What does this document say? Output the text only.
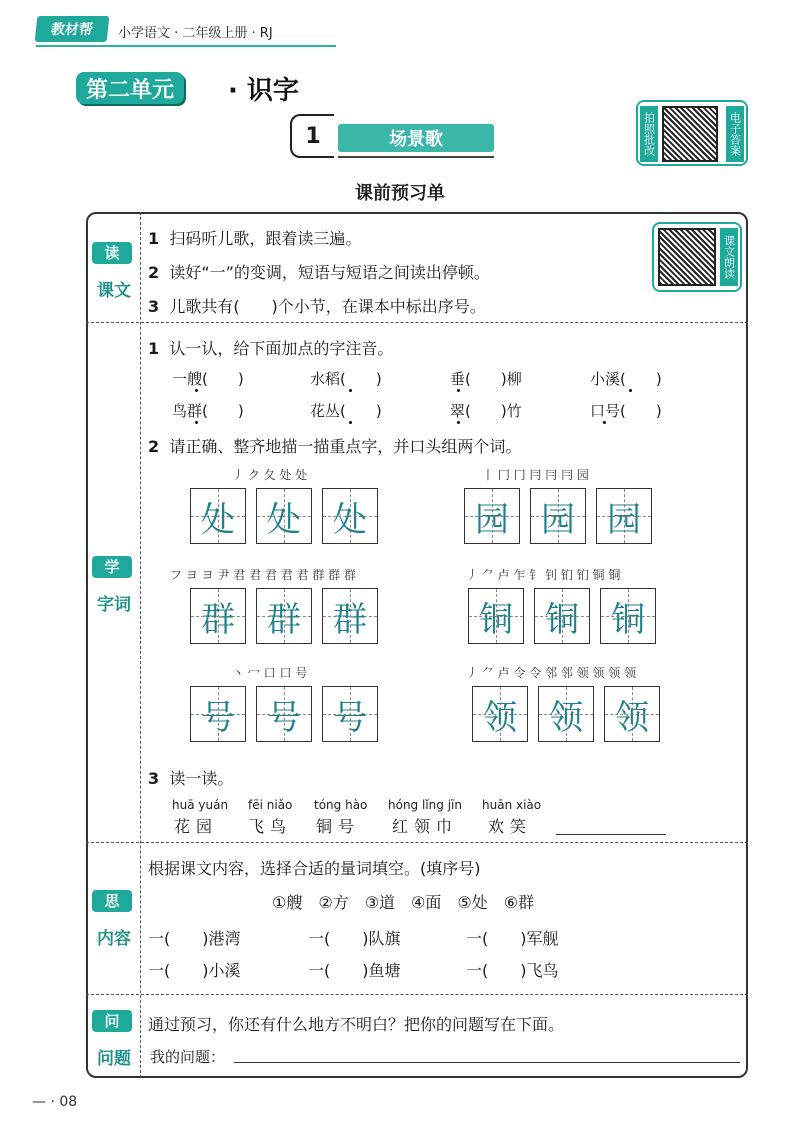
教材帮	小学语文 · 二年级上册 · RJ
第二单元	· 识字
1	场景歌	拍照批改	电子答案
课前预习单
读
课文
1 扫码听儿歌，跟着读三遍。
2 读好“一”的变调，短语与短语之间读出停顿。
3 儿歌共有(　　)个小节，在课本中标出序号。
课文朗读
学
字词
1 认一认，给下面加点的字注音。
一艘(　　)	水稻(　　)	垂(　　)柳	小溪(　　)
鸟群(　　)	花丛(　　)	翠(　　)竹	口号(　　)
2 请正确、整齐地描一描重点字，并口头组两个词。
丿 ク 夂 处 处
处 处 处
丨 冂 冂 冃 冃 冃 园
园 园 园
フ ヨ ヨ 尹 君 君 君 君 君 群 群 群
群 群 群
丿 ⺈ 卢 乍 钅 钊 钔 钔 铜 铜
铜 铜 铜
丶 冖 口 口 号
号 号 号
丿 ⺈ 卢 令 令 邻 邻 领 领 领 领
领 领 领
3 读一读。
huā yuán
花园
fēi niǎo
飞鸟
tóng hào
铜号
hóng lǐng jīn
红领巾
huān xiào
欢笑
思
内容
根据课文内容，选择合适的量词填空。(填序号)
①艘　②方　③道　④面　⑤处　⑥群
一(　　)港湾	一(　　)队旗	一(　　)军舰
一(　　)小溪	一(　　)鱼塘	一(　　)飞鸟
问
问题
通过预习，你还有什么地方不明白？把你的问题写在下面。
我的问题：
— · 08
